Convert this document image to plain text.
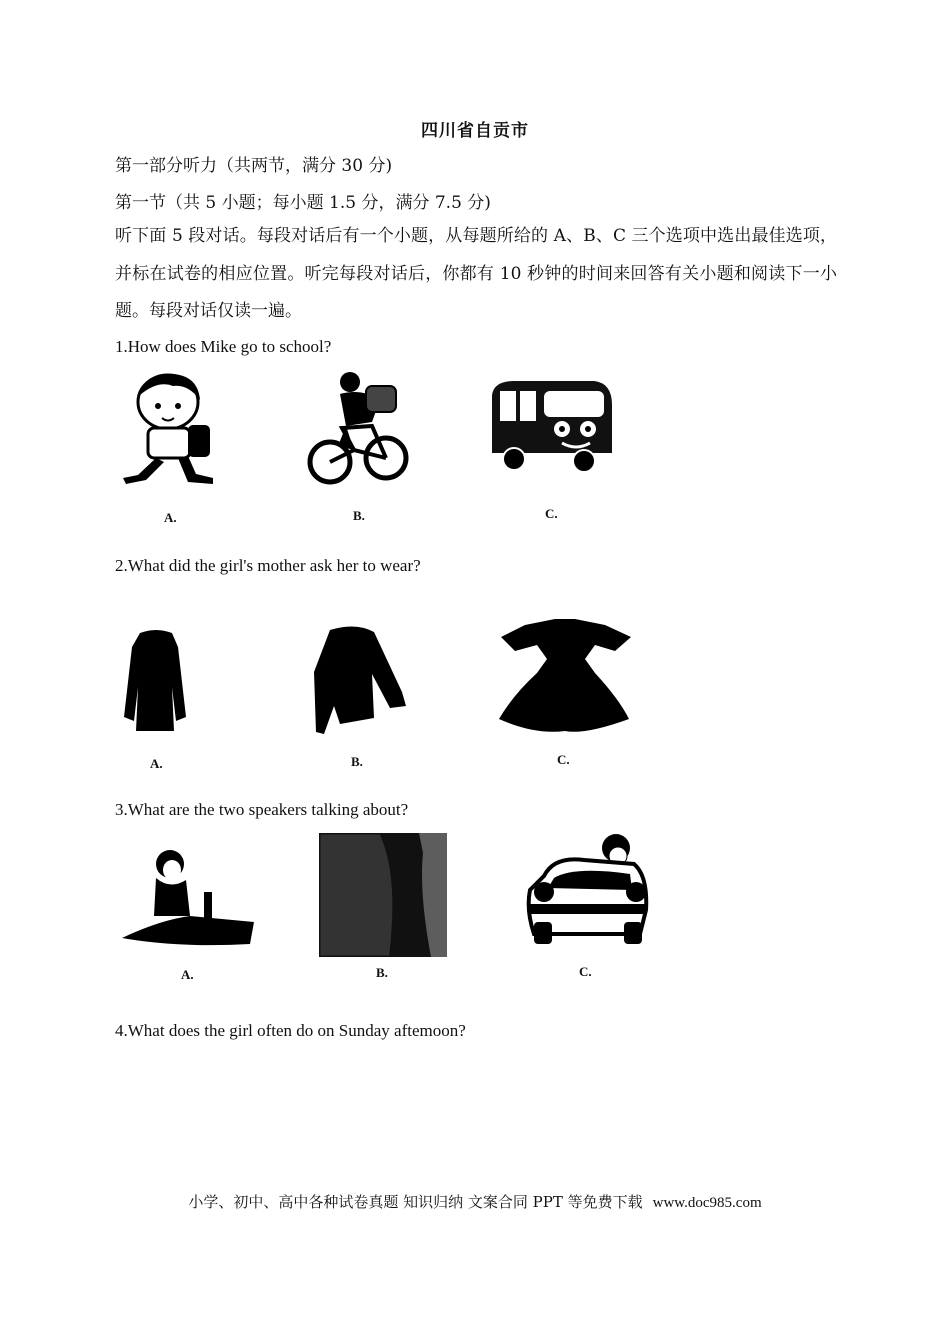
四川省自贡市
第一部分听力（共两节，满分 30 分)
第一节（共 5 小题；每小题 1.5 分，满分 7.5 分)
听下面 5 段对话。每段对话后有一个小题，从每题所给的 A、B、C 三个选项中选出最佳选项，并标在试卷的相应位置。听完每段对话后，你都有 10 秒钟的时间来回答有关小题和阅读下一小题。每段对话仅读一遍。
1.How does Mike go to school?
A.	B.	C.
2.What did the girl's mother ask her to wear?
A.	B.	C.
3.What are the two speakers talking about?
A.	B.	C.
4.What does the girl often do on Sunday aftemoon?
小学、初中、高中各种试卷真题 知识归纳 文案合同 PPT 等免费下载 www.doc985.com
